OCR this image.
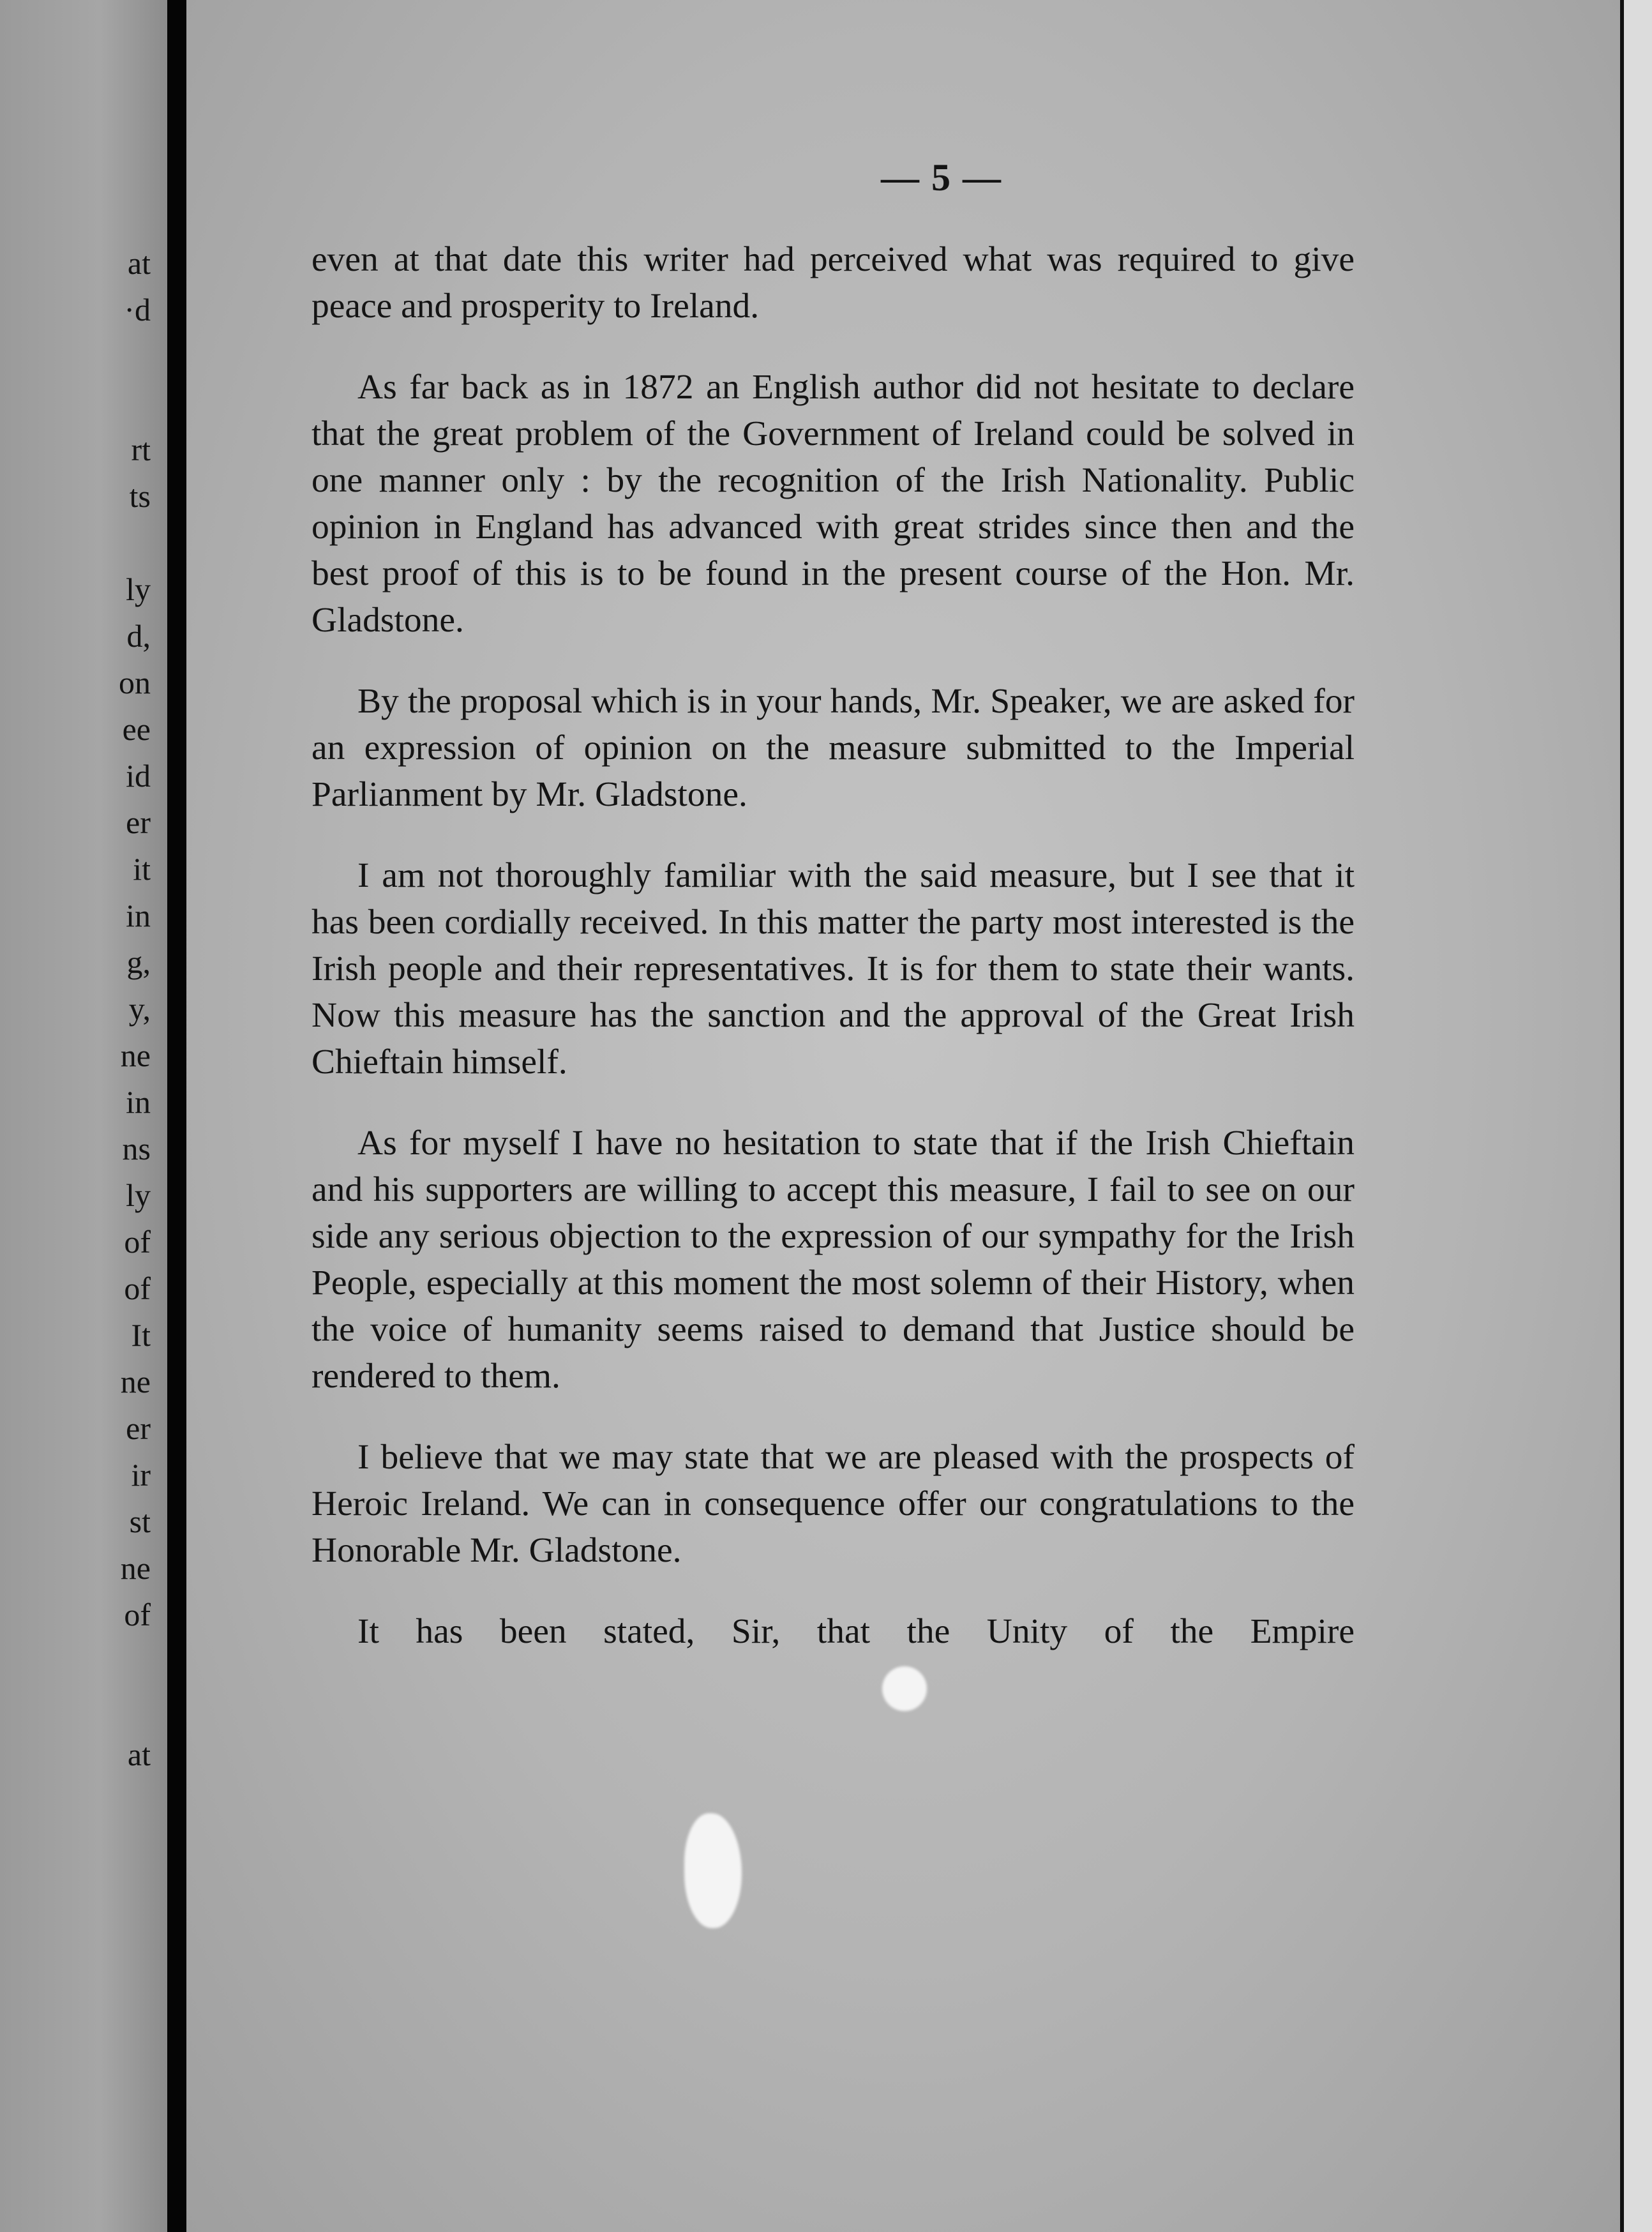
at
·d
rt
ts
ly
d,
on
ee
id
er
it
in
g,
y,
ne
in
ns
ly
of
of
It
ne
er
ir
st
ne
of
at
— 5 —

even at that date this writer had perceived what was required to give peace and prosperity to Ireland.

As far back as in 1872 an English author did not hesitate to declare that the great problem of the Government of Ireland could be solved in one manner only : by the recognition of the Irish Nationality. Public opinion in England has advanced with great strides since then and the best proof of this is to be found in the present course of the Hon. Mr. Gladstone.

By the proposal which is in your hands, Mr. Speaker, we are asked for an expression of opinion on the measure submitted to the Imperial Parlianment by Mr. Gladstone.

I am not thoroughly familiar with the said measure, but I see that it has been cordially received. In this matter the party most interested is the Irish people and their representatives. It is for them to state their wants. Now this measure has the sanction and the approval of the Great Irish Chieftain himself.

As for myself I have no hesitation to state that if the Irish Chieftain and his supporters are willing to accept this measure, I fail to see on our side any serious objection to the expression of our sympathy for the Irish People, especially at this moment the most solemn of their History, when the voice of humanity seems raised to demand that Justice should be rendered to them.

I believe that we may state that we are pleased with the prospects of Heroic Ireland. We can in consequence offer our congratulations to the Honorable Mr. Gladstone.

It has been stated, Sir, that the Unity of the Empire
